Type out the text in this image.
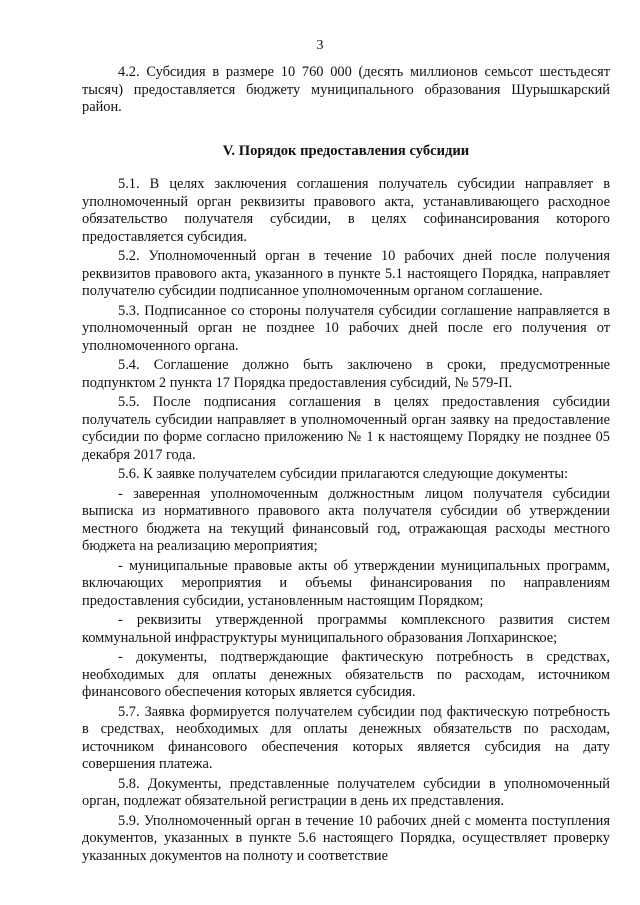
3

4.2. Субсидия в размере 10 760 000 (десять миллионов семьсот шестьдесят тысяч) предоставляется бюджету муниципального образования Шурышкарский район.

V. Порядок предоставления субсидии

5.1. В целях заключения соглашения получатель субсидии направляет в уполномоченный орган реквизиты правового акта, устанавливающего расходное обязательство получателя субсидии, в целях софинансирования которого предоставляется субсидия.

5.2. Уполномоченный орган в течение 10 рабочих дней после получения реквизитов правового акта, указанного в пункте 5.1 настоящего Порядка, направляет получателю субсидии подписанное уполномоченным органом соглашение.

5.3. Подписанное со стороны получателя субсидии соглашение направляется в уполномоченный орган не позднее 10 рабочих дней после его получения от уполномоченного органа.

5.4. Соглашение должно быть заключено в сроки, предусмотренные подпунктом 2 пункта 17 Порядка предоставления субсидий, № 579-П.

5.5. После подписания соглашения в целях предоставления субсидии получатель субсидии направляет в уполномоченный орган заявку на предоставление субсидии по форме согласно приложению № 1 к настоящему Порядку не позднее 05 декабря 2017 года.

5.6. К заявке получателем субсидии прилагаются следующие документы:

- заверенная уполномоченным должностным лицом получателя субсидии выписка из нормативного правового акта получателя субсидии об утверждении местного бюджета на текущий финансовый год, отражающая расходы местного бюджета на реализацию мероприятия;

- муниципальные правовые акты об утверждении муниципальных программ, включающих мероприятия и объемы финансирования по направлениям предоставления субсидии, установленным настоящим Порядком;

- реквизиты утвержденной программы комплексного развития систем коммунальной инфраструктуры муниципального образования Лопхаринское;

- документы, подтверждающие фактическую потребность в средствах, необходимых для оплаты денежных обязательств по расходам, источником финансового обеспечения которых является субсидия.

5.7. Заявка формируется получателем субсидии под фактическую потребность в средствах, необходимых для оплаты денежных обязательств по расходам, источником финансового обеспечения которых является субсидия на дату совершения платежа.

5.8. Документы, представленные получателем субсидии в уполномоченный орган, подлежат обязательной регистрации в день их представления.

5.9. Уполномоченный орган в течение 10 рабочих дней с момента поступления документов, указанных в пункте 5.6 настоящего Порядка, осуществляет проверку указанных документов на полноту и соответствие
